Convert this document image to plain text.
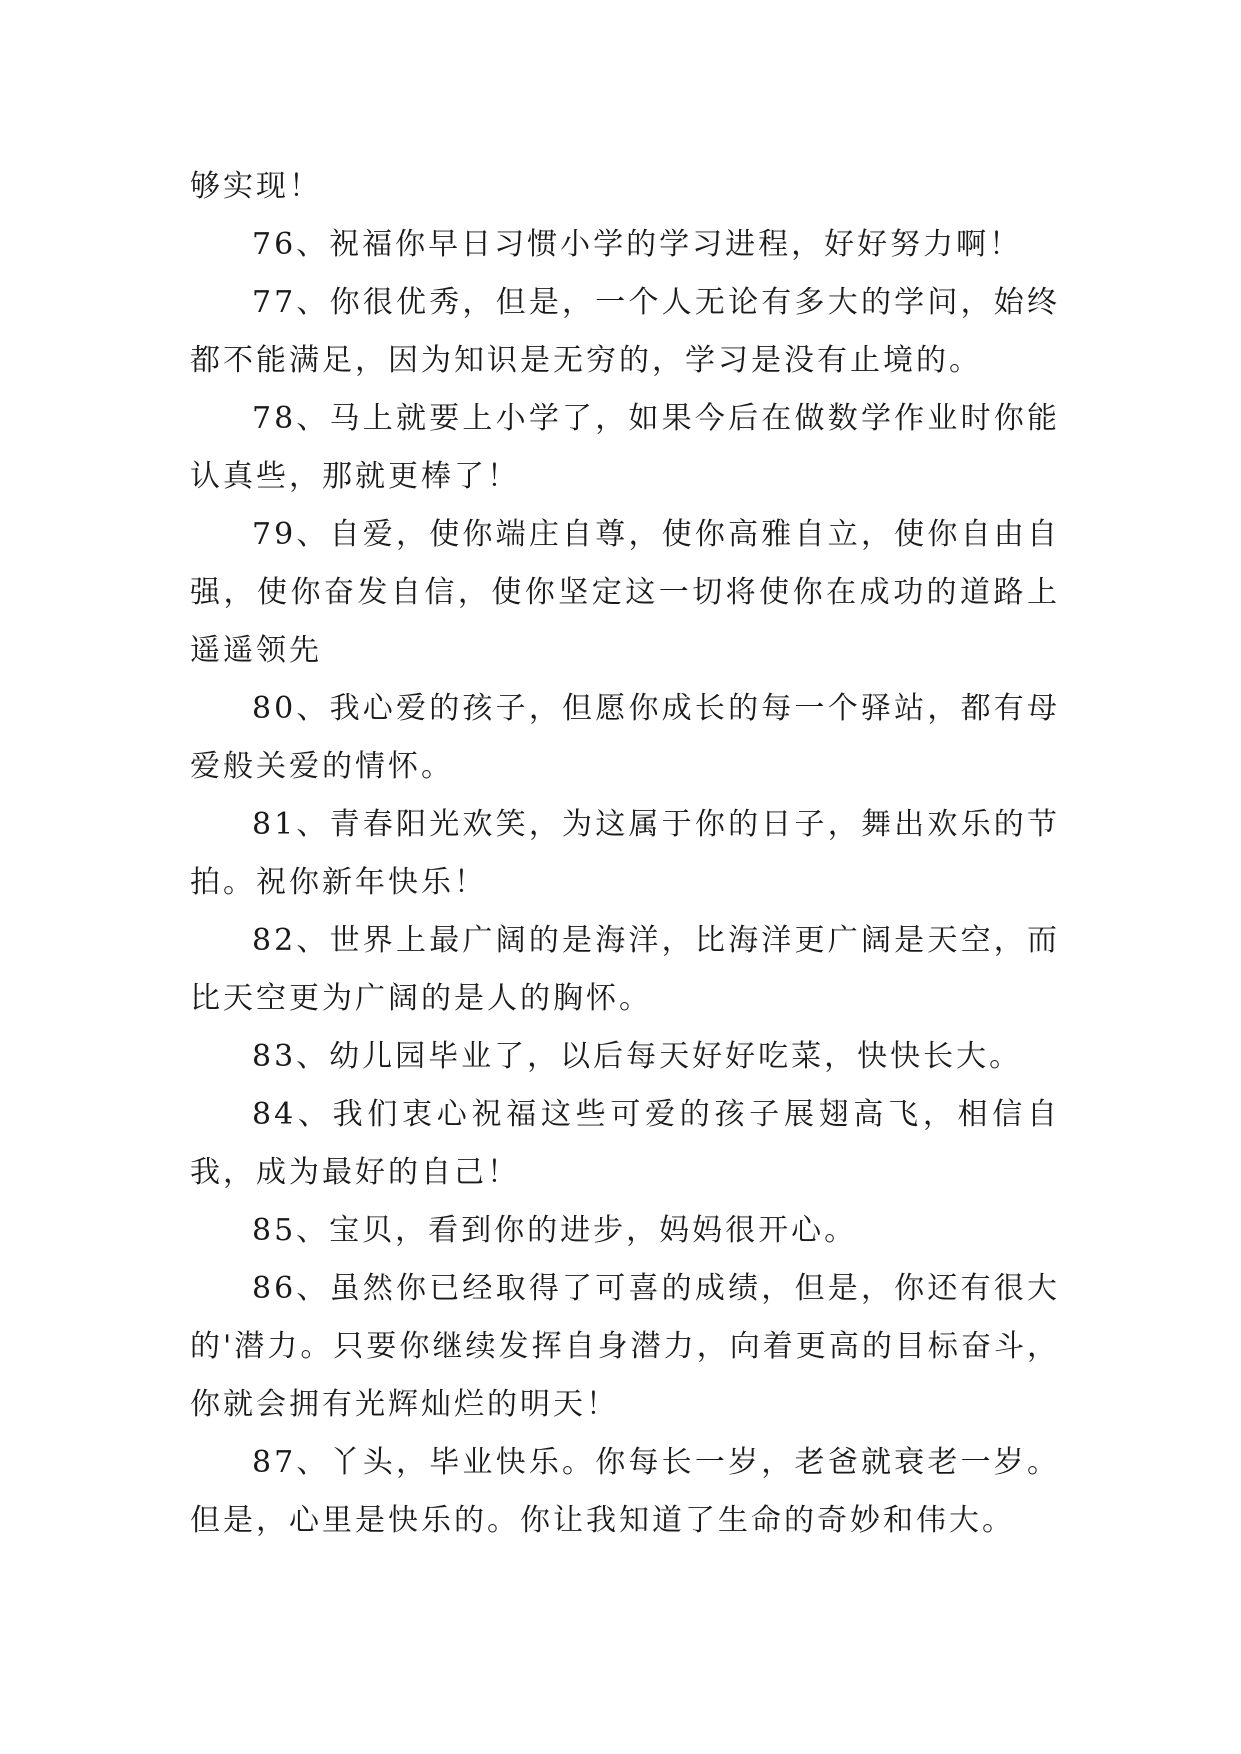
够实现！

76、祝福你早日习惯小学的学习进程，好好努力啊！

77、你很优秀，但是，一个人无论有多大的学问，始终都不能满足，因为知识是无穷的，学习是没有止境的。

78、马上就要上小学了，如果今后在做数学作业时你能认真些，那就更棒了！

79、自爱，使你端庄自尊，使你高雅自立，使你自由自强，使你奋发自信，使你坚定这一切将使你在成功的道路上遥遥领先

80、我心爱的孩子，但愿你成长的每一个驿站，都有母爱般关爱的情怀。

81、青春阳光欢笑，为这属于你的日子，舞出欢乐的节拍。祝你新年快乐！

82、世界上最广阔的是海洋，比海洋更广阔是天空，而比天空更为广阔的是人的胸怀。

83、幼儿园毕业了，以后每天好好吃菜，快快长大。

84、我们衷心祝福这些可爱的孩子展翅高飞，相信自我，成为最好的自己！

85、宝贝，看到你的进步，妈妈很开心。

86、虽然你已经取得了可喜的成绩，但是，你还有很大的'潜力。只要你继续发挥自身潜力，向着更高的目标奋斗，你就会拥有光辉灿烂的明天！

87、丫头，毕业快乐。你每长一岁，老爸就衰老一岁。但是，心里是快乐的。你让我知道了生命的奇妙和伟大。
